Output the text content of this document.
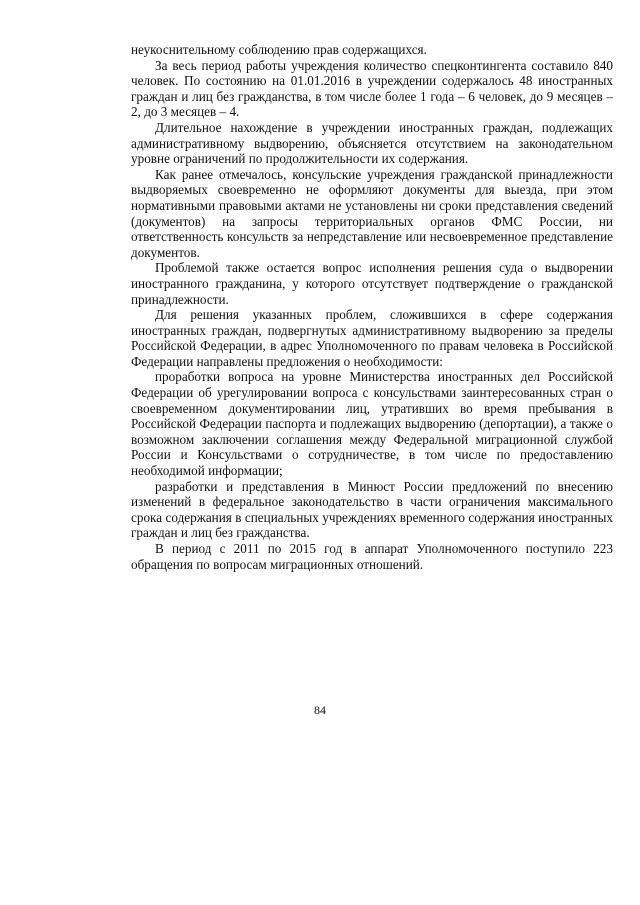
неукоснительному соблюдению прав содержащихся.

За весь период работы учреждения количество спецконтингента составило 840 человек. По состоянию на 01.01.2016 в учреждении содержалось 48 иностранных граждан и лиц без гражданства, в том числе более 1 года – 6 человек, до 9 месяцев – 2, до 3 месяцев – 4.

Длительное нахождение в учреждении иностранных граждан, подлежащих административному выдворению, объясняется отсутствием на законодательном уровне ограничений по продолжительности их содержания.

Как ранее отмечалось, консульские учреждения гражданской принадлежности выдворяемых своевременно не оформляют документы для выезда, при этом нормативными правовыми актами не установлены ни сроки представления сведений (документов) на запросы территориальных органов ФМС России, ни ответственность консульств за непредставление или несвоевременное представление документов.

Проблемой также остается вопрос исполнения решения суда о выдворении иностранного гражданина, у которого отсутствует подтверждение о гражданской принадлежности.

Для решения указанных проблем, сложившихся в сфере содержания иностранных граждан, подвергнутых административному выдворению за пределы Российской Федерации, в адрес Уполномоченного по правам человека в Российской Федерации направлены предложения о необходимости:

проработки вопроса на уровне Министерства иностранных дел Российской Федерации об урегулировании вопроса с консульствами заинтересованных стран о своевременном документировании лиц, утративших во время пребывания в Российской Федерации паспорта и подлежащих выдворению (депортации), а также о возможном заключении соглашения между Федеральной миграционной службой России и Консульствами о сотрудничестве, в том числе по предоставлению необходимой информации;

разработки и представления в Минюст России предложений по внесению изменений в федеральное законодательство в части ограничения максимального срока содержания в специальных учреждениях временного содержания иностранных граждан и лиц без гражданства.

В период с 2011 по 2015 год в аппарат Уполномоченного поступило 223 обращения по вопросам миграционных отношений.

84
